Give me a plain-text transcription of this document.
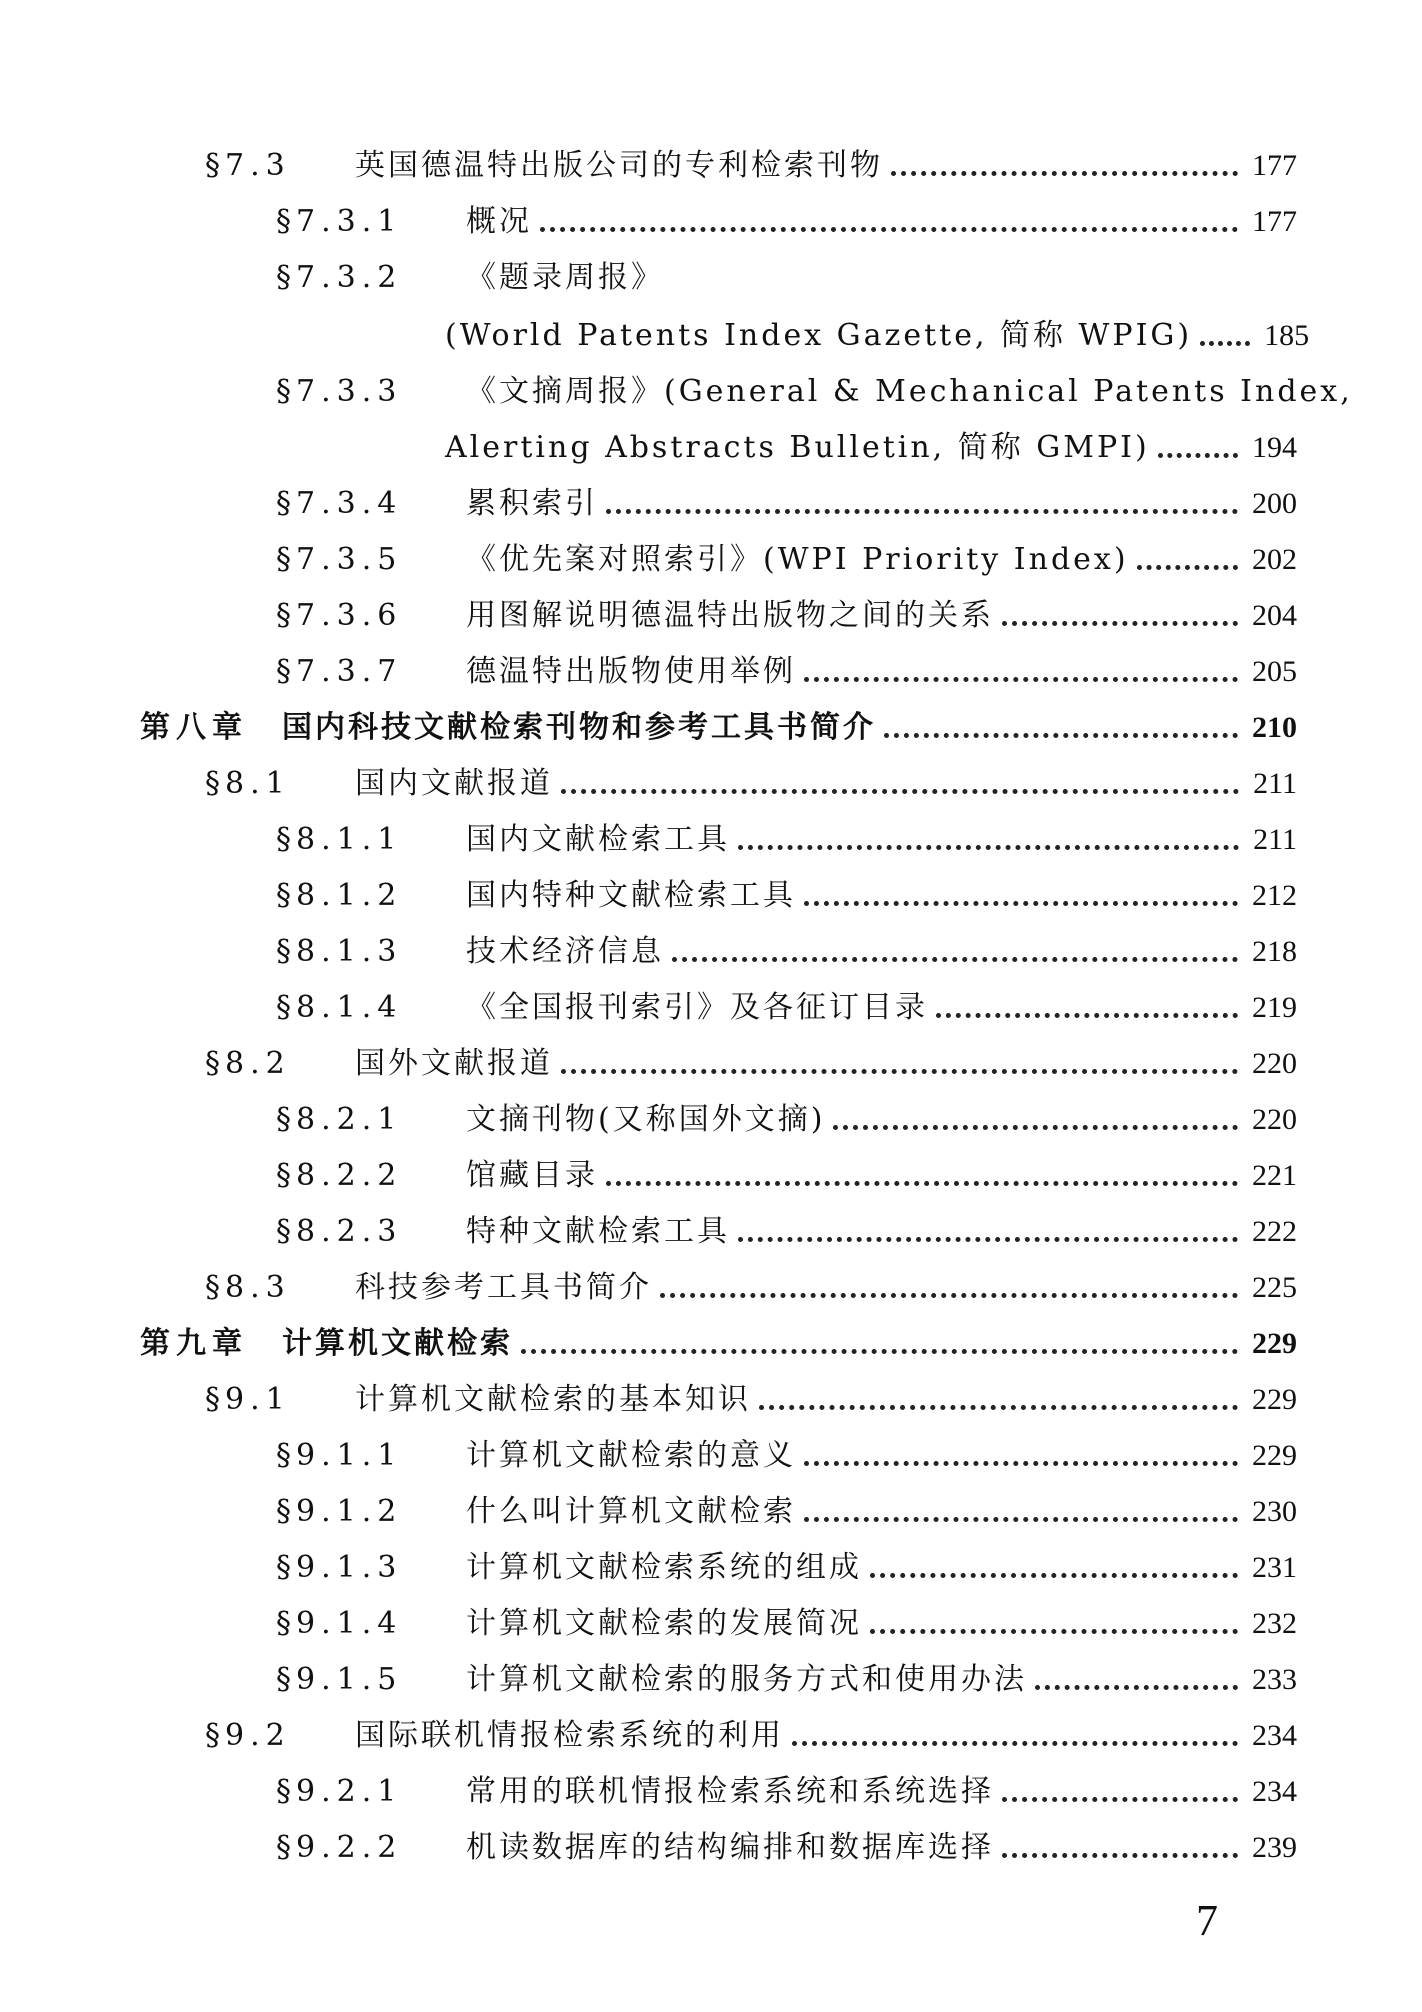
§ 7.3	英国德温特出版公司的专利检索刊物	177
§ 7.3.1	概况	177
§ 7.3.2	《题录周报》
(World Patents Index Gazette, 简称 WPIG) 185
§ 7.3.3	《文摘周报》(General & Mechanical Patents Index,
Alerting Abstracts Bulletin, 简称 GMPI)	194
§ 7.3.4	累积索引	200
§ 7.3.5	《优先案对照索引》(WPI Priority Index)	202
§ 7.3.6	用图解说明德温特出版物之间的关系	204
§ 7.3.7	德温特出版物使用举例	205
第八章 国内科技文献检索刊物和参考工具书简介	210
§ 8.1	国内文献报道	211
§ 8.1.1	国内文献检索工具	211
§ 8.1.2	国内特种文献检索工具	212
§ 8.1.3	技术经济信息	218
§ 8.1.4	《全国报刊索引》及各征订目录	219
§ 8.2	国外文献报道	220
§ 8.2.1	文摘刊物(又称国外文摘)	220
§ 8.2.2	馆藏目录	221
§ 8.2.3	特种文献检索工具	222
§ 8.3	科技参考工具书简介	225
第九章 计算机文献检索	229
§ 9.1	计算机文献检索的基本知识	229
§ 9.1.1	计算机文献检索的意义	229
§ 9.1.2	什么叫计算机文献检索	230
§ 9.1.3	计算机文献检索系统的组成	231
§ 9.1.4	计算机文献检索的发展简况	232
§ 9.1.5	计算机文献检索的服务方式和使用办法	233
§ 9.2	国际联机情报检索系统的利用	234
§ 9.2.1	常用的联机情报检索系统和系统选择	234
§ 9.2.2	机读数据库的结构编排和数据库选择	239
7
